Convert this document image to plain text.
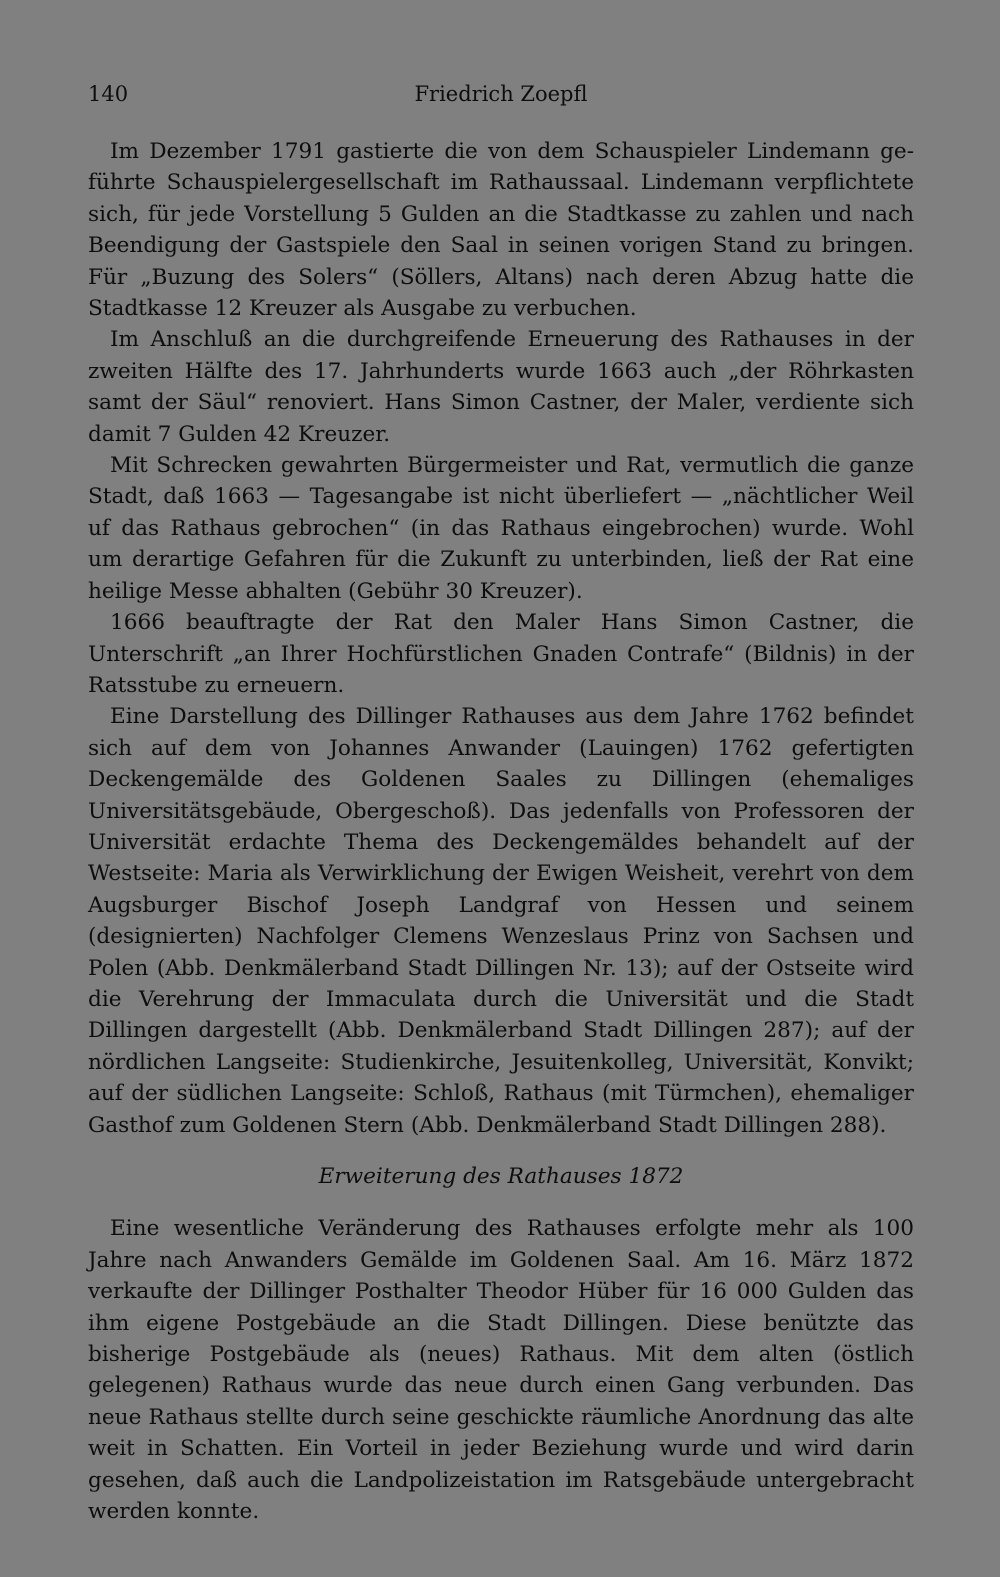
140	Friedrich Zoepfl

Im Dezember 1791 gastierte die von dem Schauspieler Lindemann geführte Schauspielergesellschaft im Rathaussaal. Lindemann verpflichtete sich, für jede Vorstellung 5 Gulden an die Stadtkasse zu zahlen und nach Beendigung der Gastspiele den Saal in seinen vorigen Stand zu bringen. Für „Buzung des Solers“ (Söllers, Altans) nach deren Abzug hatte die Stadtkasse 12 Kreuzer als Ausgabe zu verbuchen.

Im Anschluß an die durchgreifende Erneuerung des Rathauses in der zweiten Hälfte des 17. Jahrhunderts wurde 1663 auch „der Röhrkasten samt der Säul“ renoviert. Hans Simon Castner, der Maler, verdiente sich damit 7 Gulden 42 Kreuzer.

Mit Schrecken gewahrten Bürgermeister und Rat, vermutlich die ganze Stadt, daß 1663 — Tagesangabe ist nicht überliefert — „nächtlicher Weil uf das Rathaus gebrochen“ (in das Rathaus eingebrochen) wurde. Wohl um derartige Gefahren für die Zukunft zu unterbinden, ließ der Rat eine heilige Messe abhalten (Gebühr 30 Kreuzer).

1666 beauftragte der Rat den Maler Hans Simon Castner, die Unterschrift „an Ihrer Hochfürstlichen Gnaden Contrafe“ (Bildnis) in der Ratsstube zu erneuern.

Eine Darstellung des Dillinger Rathauses aus dem Jahre 1762 befindet sich auf dem von Johannes Anwander (Lauingen) 1762 gefertigten Deckengemälde des Goldenen Saales zu Dillingen (ehemaliges Universitätsgebäude, Obergeschoß). Das jedenfalls von Professoren der Universität erdachte Thema des Deckengemäldes behandelt auf der Westseite: Maria als Verwirklichung der Ewigen Weisheit, verehrt von dem Augsburger Bischof Joseph Landgraf von Hessen und seinem (designierten) Nachfolger Clemens Wenzeslaus Prinz von Sachsen und Polen (Abb. Denkmälerband Stadt Dillingen Nr. 13); auf der Ostseite wird die Verehrung der Immaculata durch die Universität und die Stadt Dillingen dargestellt (Abb. Denkmälerband Stadt Dillingen 287); auf der nördlichen Langseite: Studienkirche, Jesuitenkolleg, Universität, Konvikt; auf der südlichen Langseite: Schloß, Rathaus (mit Türmchen), ehemaliger Gasthof zum Goldenen Stern (Abb. Denkmälerband Stadt Dillingen 288).

Erweiterung des Rathauses 1872

Eine wesentliche Veränderung des Rathauses erfolgte mehr als 100 Jahre nach Anwanders Gemälde im Goldenen Saal. Am 16. März 1872 verkaufte der Dillinger Posthalter Theodor Hüber für 16 000 Gulden das ihm eigene Postgebäude an die Stadt Dillingen. Diese benützte das bisherige Postgebäude als (neues) Rathaus. Mit dem alten (östlich gelegenen) Rathaus wurde das neue durch einen Gang verbunden. Das neue Rathaus stellte durch seine geschickte räumliche Anordnung das alte weit in Schatten. Ein Vorteil in jeder Beziehung wurde und wird darin gesehen, daß auch die Landpolizeistation im Ratsgebäude untergebracht werden konnte.
